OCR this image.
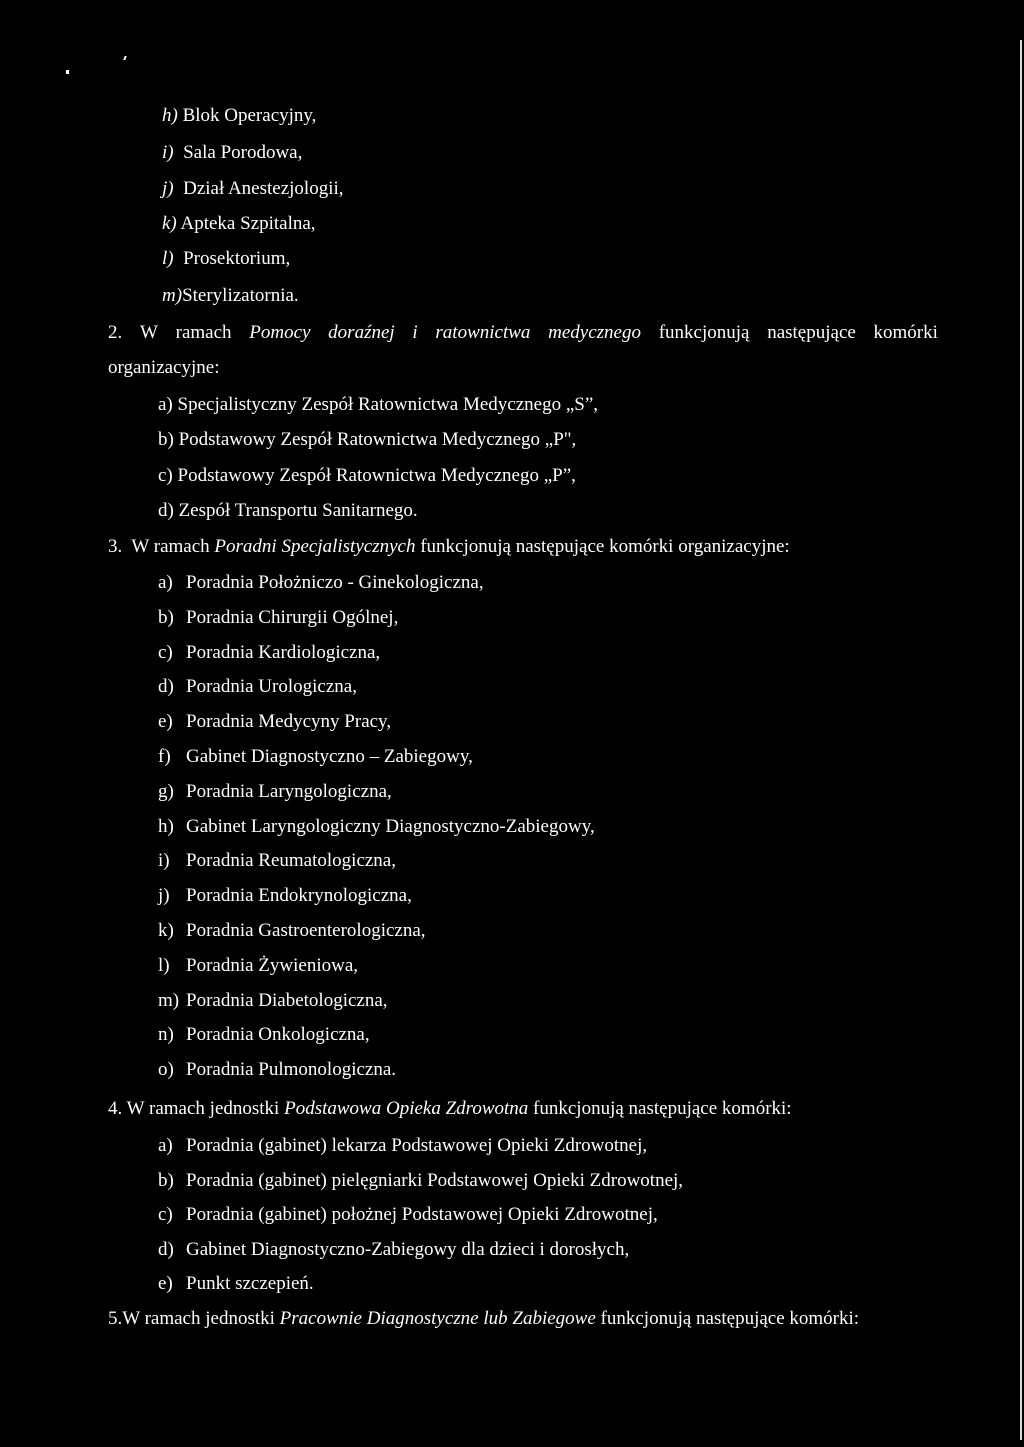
h) Blok Operacyjny,
i) Sala Porodowa,
j) Dział Anestezjologii,
k) Apteka Szpitalna,
l) Prosektorium,
m)Sterylizatornia.
2. W ramach Pomocy doraźnej i ratownictwa medycznego funkcjonują następujące komórki
organizacyjne:
a) Specjalistyczny Zespół Ratownictwa Medycznego „S”,
b) Podstawowy Zespół Ratownictwa Medycznego „P",
c) Podstawowy Zespół Ratownictwa Medycznego „P”,
d) Zespół Transportu Sanitarnego.
3. W ramach Poradni Specjalistycznych funkcjonują następujące komórki organizacyjne:
a) Poradnia Położniczo - Ginekologiczna,
b) Poradnia Chirurgii Ogólnej,
c) Poradnia Kardiologiczna,
d) Poradnia Urologiczna,
e) Poradnia Medycyny Pracy,
f) Gabinet Diagnostyczno – Zabiegowy,
g) Poradnia Laryngologiczna,
h) Gabinet Laryngologiczny Diagnostyczno-Zabiegowy,
i) Poradnia Reumatologiczna,
j) Poradnia Endokrynologiczna,
k) Poradnia Gastroenterologiczna,
l) Poradnia Żywieniowa,
m) Poradnia Diabetologiczna,
n) Poradnia Onkologiczna,
o) Poradnia Pulmonologiczna.
4. W ramach jednostki Podstawowa Opieka Zdrowotna funkcjonują następujące komórki:
a) Poradnia (gabinet) lekarza Podstawowej Opieki Zdrowotnej,
b) Poradnia (gabinet) pielęgniarki Podstawowej Opieki Zdrowotnej,
c) Poradnia (gabinet) położnej Podstawowej Opieki Zdrowotnej,
d) Gabinet Diagnostyczno-Zabiegowy dla dzieci i dorosłych,
e) Punkt szczepień.
5.W ramach jednostki Pracownie Diagnostyczne lub Zabiegowe funkcjonują następujące komórki:
